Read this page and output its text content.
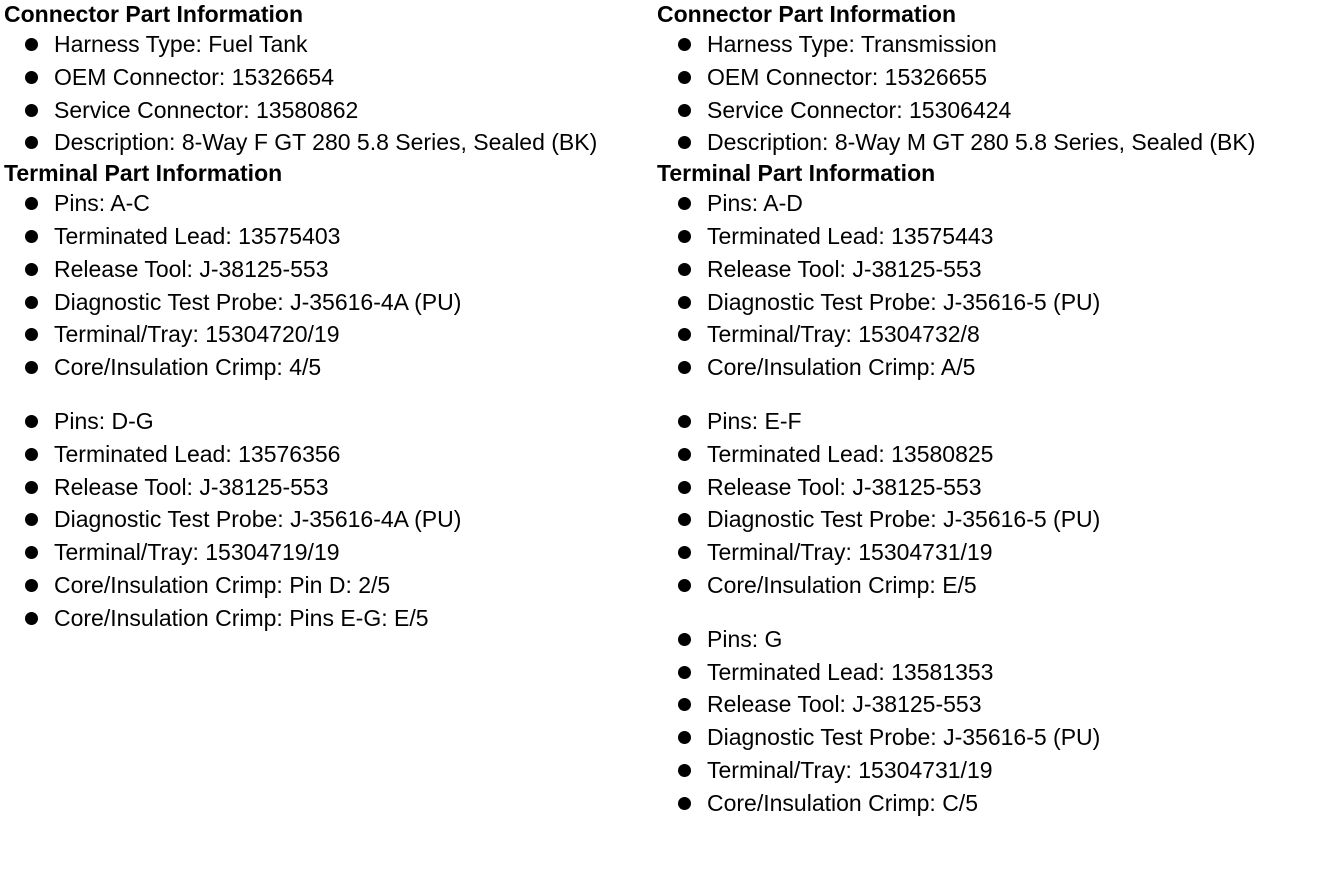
Connector Part Information
Harness Type: Fuel Tank
OEM Connector: 15326654
Service Connector: 13580862
Description: 8-Way F GT 280 5.8 Series, Sealed (BK)
Terminal Part Information
Pins: A-C
Terminated Lead: 13575403
Release Tool: J-38125-553
Diagnostic Test Probe: J-35616-4A (PU)
Terminal/Tray: 15304720/19
Core/Insulation Crimp: 4/5
Pins: D-G
Terminated Lead: 13576356
Release Tool: J-38125-553
Diagnostic Test Probe: J-35616-4A (PU)
Terminal/Tray: 15304719/19
Core/Insulation Crimp: Pin D: 2/5
Core/Insulation Crimp: Pins E-G: E/5
Connector Part Information
Harness Type: Transmission
OEM Connector: 15326655
Service Connector: 15306424
Description: 8-Way M GT 280 5.8 Series, Sealed (BK)
Terminal Part Information
Pins: A-D
Terminated Lead: 13575443
Release Tool: J-38125-553
Diagnostic Test Probe: J-35616-5 (PU)
Terminal/Tray: 15304732/8
Core/Insulation Crimp: A/5
Pins: E-F
Terminated Lead: 13580825
Release Tool: J-38125-553
Diagnostic Test Probe: J-35616-5 (PU)
Terminal/Tray: 15304731/19
Core/Insulation Crimp: E/5
Pins: G
Terminated Lead: 13581353
Release Tool: J-38125-553
Diagnostic Test Probe: J-35616-5 (PU)
Terminal/Tray: 15304731/19
Core/Insulation Crimp: C/5
